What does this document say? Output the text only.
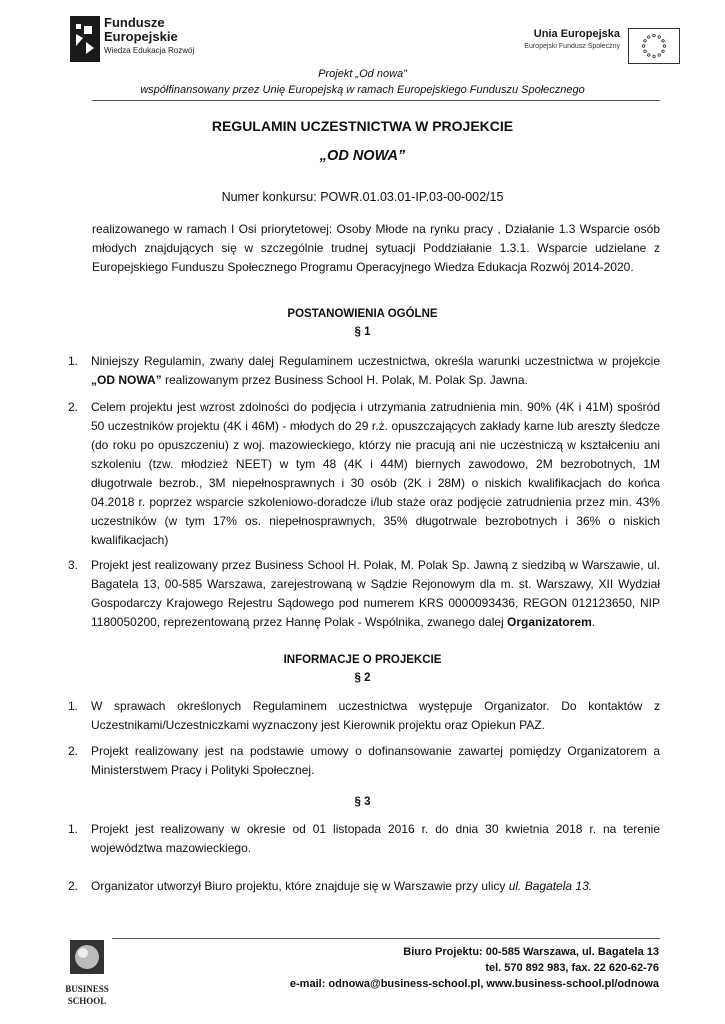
Fundusze
Europejskie
Wiedza Edukacja Rozwój
Unia Europejska
Europejski Fundusz Społeczny
Projekt „Od nowa”
współfinansowany przez Unię Europejską w ramach Europejskiego Funduszu Społecznego
REGULAMIN UCZESTNICTWA W PROJEKCIE
„OD NOWA”
Numer konkursu: POWR.01.03.01-IP.03-00-002/15
realizowanego w ramach I Osi priorytetowej: Osoby Młode na rynku pracy , Działanie 1.3 Wsparcie osób młodych znajdujących się w szczególnie trudnej sytuacji Poddziałanie 1.3.1. Wsparcie udzielane z Europejskiego Funduszu Społecznego Programu Operacyjnego Wiedza Edukacja Rozwój 2014-2020.
POSTANOWIENIA OGÓLNE
§ 1
1.	Niniejszy Regulamin, zwany dalej Regulaminem uczestnictwa, określa warunki uczestnictwa w projekcie „OD NOWA” realizowanym przez Business School H. Polak, M. Polak Sp. Jawna.
2.	Celem projektu jest wzrost zdolności do podjęcia i utrzymania zatrudnienia min. 90% (4K i 41M) spośród 50 uczestników projektu (4K i 46M) - młodych do 29 r.ż. opuszczających zakłady karne lub areszty śledcze (do roku po opuszczeniu) z woj. mazowieckiego, którzy nie pracują ani nie uczestniczą w kształceniu ani szkoleniu (tzw. młodzież NEET) w tym 48 (4K i 44M) biernych zawodowo, 2M bezrobotnych, 1M długotrwale bezrob., 3M niepełnosprawnych i 30 osób (2K i 28M) o niskich kwalifikacjach do końca 04.2018 r. poprzez wsparcie szkoleniowo-doradcze i/lub staże oraz podjęcie zatrudnienia przez min. 43% uczestników (w tym 17% os. niepełnosprawnych, 35% długotrwale bezrobotnych i 36% o niskich kwalifikacjach)
3.	Projekt jest realizowany przez Business School H. Polak, M. Polak Sp. Jawną z siedzibą w Warszawie, ul. Bagatela 13, 00-585 Warszawa, zarejestrowaną w Sądzie Rejonowym dla m. st. Warszawy, XII Wydział Gospodarczy Krajowego Rejestru Sądowego pod numerem KRS 0000093436, REGON 012123650, NIP 1180050200, reprezentowaną przez Hannę Polak - Wspólnika, zwanego dalej Organizatorem.
INFORMACJE O PROJEKCIE
§ 2
1.	W sprawach określonych Regulaminem uczestnictwa występuje Organizator. Do kontaktów z Uczestnikami/Uczestniczkami wyznaczony jest Kierownik projektu oraz Opiekun PAZ.
2.	Projekt realizowany jest na podstawie umowy o dofinansowanie zawartej pomiędzy Organizatorem a Ministerstwem Pracy i Polityki Społecznej.
§ 3
1.	Projekt jest realizowany w okresie od 01 listopada 2016 r. do dnia 30 kwietnia 2018 r. na terenie województwa mazowieckiego.
2.	Organizator utworzył Biuro projektu, które znajduje się w Warszawie przy ulicy ul. Bagatela 13.
BUSINESS
SCHOOL
Biuro Projektu: 00-585 Warszawa, ul. Bagatela 13
tel. 570 892 983, fax. 22 620-62-76
e-mail: odnowa@business-school.pl, www.business-school.pl/odnowa
